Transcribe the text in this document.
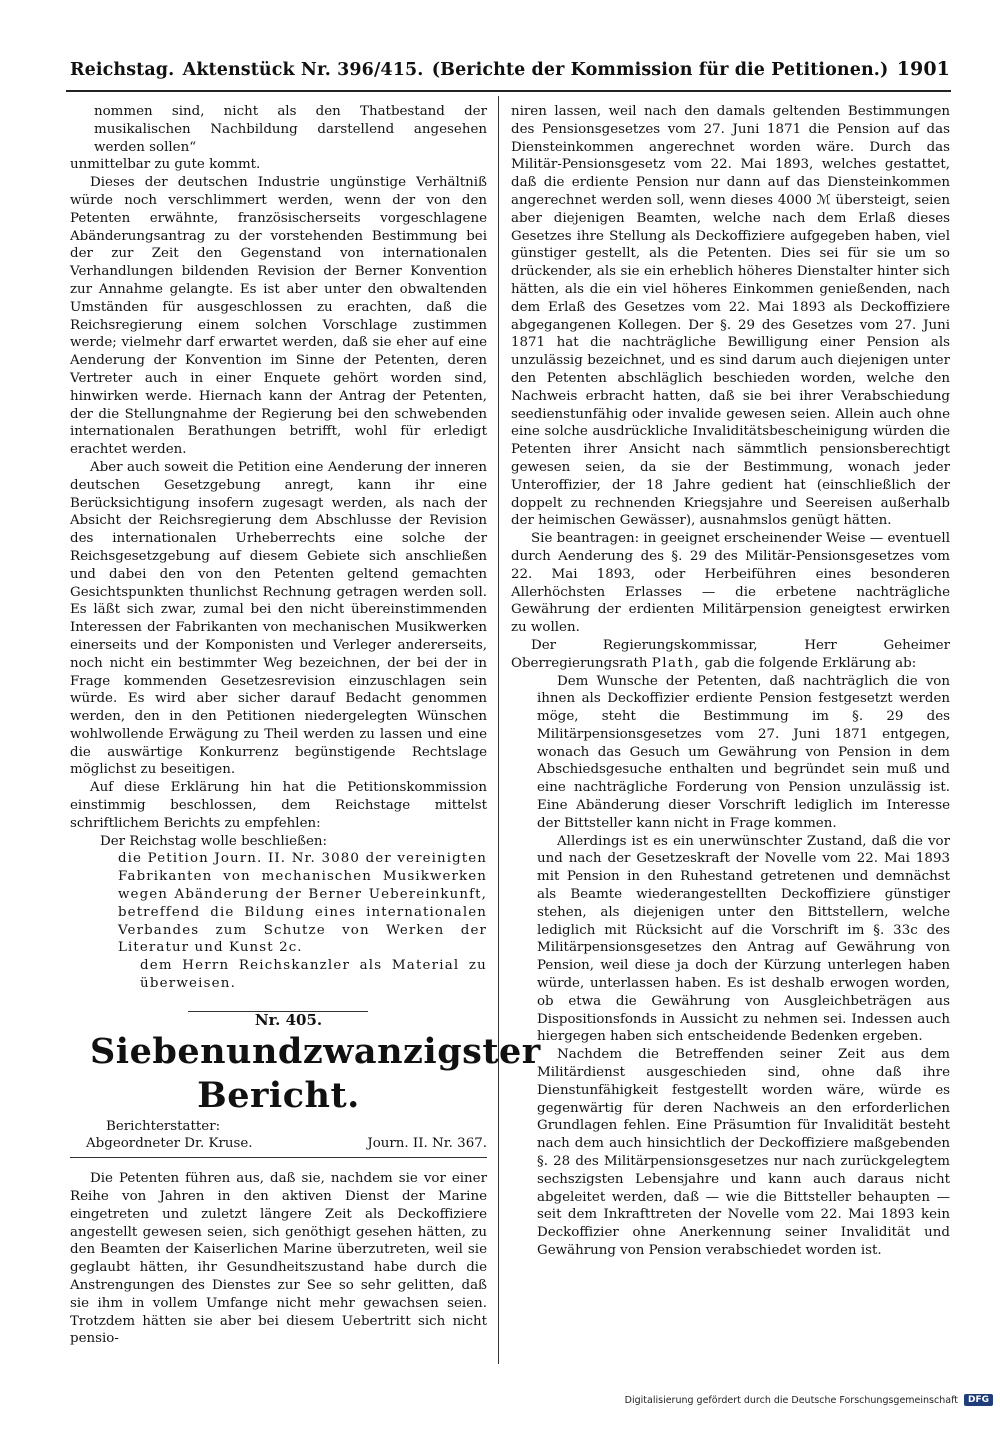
Reichstag. Aktenstück Nr. 396/415. (Berichte der Kommission für die Petitionen.) 1901

nommen sind, nicht als den Thatbestand der musikalischen Nachbildung darstellend angesehen werden sollen“

unmittelbar zu gute kommt.

Dieses der deutschen Industrie ungünstige Verhältniß würde noch verschlimmert werden, wenn der von den Petenten erwähnte, französischerseits vorgeschlagene Abänderungsantrag zu der vorstehenden Bestimmung bei der zur Zeit den Gegenstand von internationalen Verhandlungen bildenden Revision der Berner Konvention zur Annahme gelangte. Es ist aber unter den obwaltenden Umständen für ausgeschlossen zu erachten, daß die Reichsregierung einem solchen Vorschlage zustimmen werde; vielmehr darf erwartet werden, daß sie eher auf eine Aenderung der Konvention im Sinne der Petenten, deren Vertreter auch in einer Enquete gehört worden sind, hinwirken werde. Hiernach kann der Antrag der Petenten, der die Stellungnahme der Regierung bei den schwebenden internationalen Berathungen betrifft, wohl für erledigt erachtet werden.

Aber auch soweit die Petition eine Aenderung der inneren deutschen Gesetzgebung anregt, kann ihr eine Berücksichtigung insofern zugesagt werden, als nach der Absicht der Reichsregierung dem Abschlusse der Revision des internationalen Urheberrechts eine solche der Reichsgesetzgebung auf diesem Gebiete sich anschließen und dabei den von den Petenten geltend gemachten Gesichtspunkten thunlichst Rechnung getragen werden soll. Es läßt sich zwar, zumal bei den nicht übereinstimmenden Interessen der Fabrikanten von mechanischen Musikwerken einerseits und der Komponisten und Verleger andererseits, noch nicht ein bestimmter Weg bezeichnen, der bei der in Frage kommenden Gesetzesrevision einzuschlagen sein würde. Es wird aber sicher darauf Bedacht genommen werden, den in den Petitionen niedergelegten Wünschen wohlwollende Erwägung zu Theil werden zu lassen und eine die auswärtige Konkurrenz begünstigende Rechtslage möglichst zu beseitigen.

Auf diese Erklärung hin hat die Petitionskommission einstimmig beschlossen, dem Reichstage mittelst schriftlichem Berichts zu empfehlen:

Der Reichstag wolle beschließen:

die Petition Journ. II. Nr. 3080 der vereinigten Fabrikanten von mechanischen Musikwerken wegen Abänderung der Berner Uebereinkunft, betreffend die Bildung eines internationalen Verbandes zum Schutze von Werken der Literatur und Kunst 2c.

dem Herrn Reichskanzler als Material zu überweisen.

Nr. 405.

Siebenundzwanzigster Bericht.

Berichterstatter:

Abgeordneter Dr. Kruse.	Journ. II. Nr. 367.

Die Petenten führen aus, daß sie, nachdem sie vor einer Reihe von Jahren in den aktiven Dienst der Marine eingetreten und zuletzt längere Zeit als Deckoffiziere angestellt gewesen seien, sich genöthigt gesehen hätten, zu den Beamten der Kaiserlichen Marine überzutreten, weil sie geglaubt hätten, ihr Gesundheitszustand habe durch die Anstrengungen des Dienstes zur See so sehr gelitten, daß sie ihm in vollem Umfange nicht mehr gewachsen seien. Trotzdem hätten sie aber bei diesem Uebertritt sich nicht pensio-

niren lassen, weil nach den damals geltenden Bestimmungen des Pensionsgesetzes vom 27. Juni 1871 die Pension auf das Diensteinkommen angerechnet worden wäre. Durch das Militär-Pensionsgesetz vom 22. Mai 1893, welches gestattet, daß die erdiente Pension nur dann auf das Diensteinkommen angerechnet werden soll, wenn dieses 4000 ℳ übersteigt, seien aber diejenigen Beamten, welche nach dem Erlaß dieses Gesetzes ihre Stellung als Deckoffiziere aufgegeben haben, viel günstiger gestellt, als die Petenten. Dies sei für sie um so drückender, als sie ein erheblich höheres Dienstalter hinter sich hätten, als die ein viel höheres Einkommen genießenden, nach dem Erlaß des Gesetzes vom 22. Mai 1893 als Deckoffiziere abgegangenen Kollegen. Der §. 29 des Gesetzes vom 27. Juni 1871 hat die nachträgliche Bewilligung einer Pension als unzulässig bezeichnet, und es sind darum auch diejenigen unter den Petenten abschläglich beschieden worden, welche den Nachweis erbracht hatten, daß sie bei ihrer Verabschiedung seedienstunfähig oder invalide gewesen seien. Allein auch ohne eine solche ausdrückliche Invaliditätsbescheinigung würden die Petenten ihrer Ansicht nach sämmtlich pensionsberechtigt gewesen seien, da sie der Bestimmung, wonach jeder Unteroffizier, der 18 Jahre gedient hat (einschließlich der doppelt zu rechnenden Kriegsjahre und Seereisen außerhalb der heimischen Gewässer), ausnahmslos genügt hätten.

Sie beantragen: in geeignet erscheinender Weise — eventuell durch Aenderung des §. 29 des Militär-Pensionsgesetzes vom 22. Mai 1893, oder Herbeiführen eines besonderen Allerhöchsten Erlasses — die erbetene nachträgliche Gewährung der erdienten Militärpension geneigtest erwirken zu wollen.

Der Regierungskommissar, Herr Geheimer Oberregierungsrath Plath, gab die folgende Erklärung ab:

Dem Wunsche der Petenten, daß nachträglich die von ihnen als Deckoffizier erdiente Pension festgesetzt werden möge, steht die Bestimmung im §. 29 des Militärpensionsgesetzes vom 27. Juni 1871 entgegen, wonach das Gesuch um Gewährung von Pension in dem Abschiedsgesuche enthalten und begründet sein muß und eine nachträgliche Forderung von Pension unzulässig ist. Eine Abänderung dieser Vorschrift lediglich im Interesse der Bittsteller kann nicht in Frage kommen.

Allerdings ist es ein unerwünschter Zustand, daß die vor und nach der Gesetzeskraft der Novelle vom 22. Mai 1893 mit Pension in den Ruhestand getretenen und demnächst als Beamte wiederangestellten Deckoffiziere günstiger stehen, als diejenigen unter den Bittstellern, welche lediglich mit Rücksicht auf die Vorschrift im §. 33c des Militärpensionsgesetzes den Antrag auf Gewährung von Pension, weil diese ja doch der Kürzung unterlegen haben würde, unterlassen haben. Es ist deshalb erwogen worden, ob etwa die Gewährung von Ausgleichbeträgen aus Dispositionsfonds in Aussicht zu nehmen sei. Indessen auch hiergegen haben sich entscheidende Bedenken ergeben.

Nachdem die Betreffenden seiner Zeit aus dem Militärdienst ausgeschieden sind, ohne daß ihre Dienstunfähigkeit festgestellt worden wäre, würde es gegenwärtig für deren Nachweis an den erforderlichen Grundlagen fehlen. Eine Präsumtion für Invalidität besteht nach dem auch hinsichtlich der Deckoffiziere maßgebenden §. 28 des Militärpensionsgesetzes nur nach zurückgelegtem sechszigsten Lebensjahre und kann auch daraus nicht abgeleitet werden, daß — wie die Bittsteller behaupten — seit dem Inkrafttreten der Novelle vom 22. Mai 1893 kein Deckoffizier ohne Anerkennung seiner Invalidität und Gewährung von Pension verabschiedet worden ist.

Digitalisierung gefördert durch die Deutsche Forschungsgemeinschaft	DFG
